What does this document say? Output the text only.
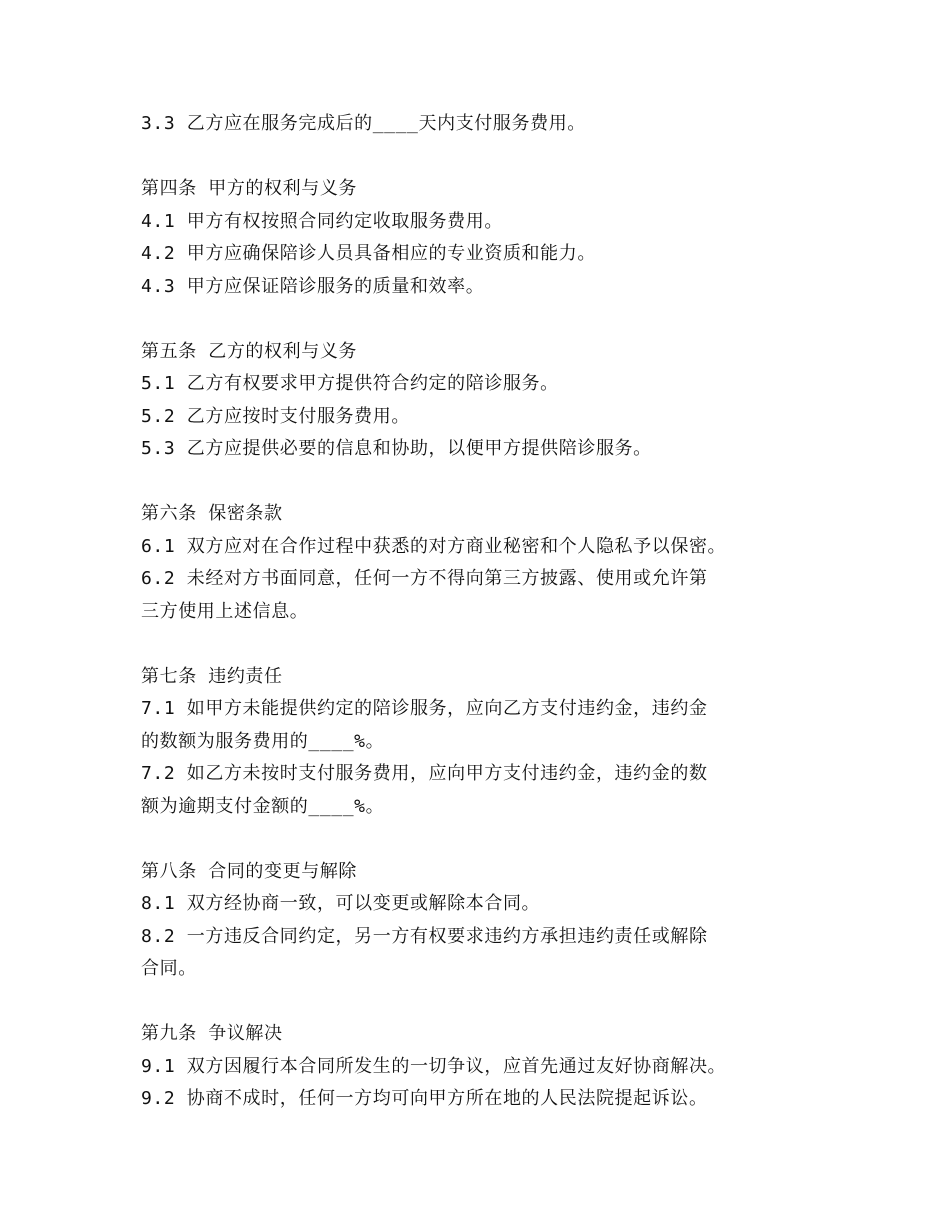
3.3 乙方应在服务完成后的____天内支付服务费用。
第四条 甲方的权利与义务
4.1 甲方有权按照合同约定收取服务费用。
4.2 甲方应确保陪诊人员具备相应的专业资质和能力。
4.3 甲方应保证陪诊服务的质量和效率。
第五条 乙方的权利与义务
5.1 乙方有权要求甲方提供符合约定的陪诊服务。
5.2 乙方应按时支付服务费用。
5.3 乙方应提供必要的信息和协助，以便甲方提供陪诊服务。
第六条 保密条款
6.1 双方应对在合作过程中获悉的对方商业秘密和个人隐私予以保密。
6.2 未经对方书面同意，任何一方不得向第三方披露、使用或允许第
三方使用上述信息。
第七条 违约责任
7.1 如甲方未能提供约定的陪诊服务，应向乙方支付违约金，违约金
的数额为服务费用的____%。
7.2 如乙方未按时支付服务费用，应向甲方支付违约金，违约金的数
额为逾期支付金额的____%。
第八条 合同的变更与解除
8.1 双方经协商一致，可以变更或解除本合同。
8.2 一方违反合同约定，另一方有权要求违约方承担违约责任或解除
合同。
第九条 争议解决
9.1 双方因履行本合同所发生的一切争议，应首先通过友好协商解决。
9.2 协商不成时，任何一方均可向甲方所在地的人民法院提起诉讼。
